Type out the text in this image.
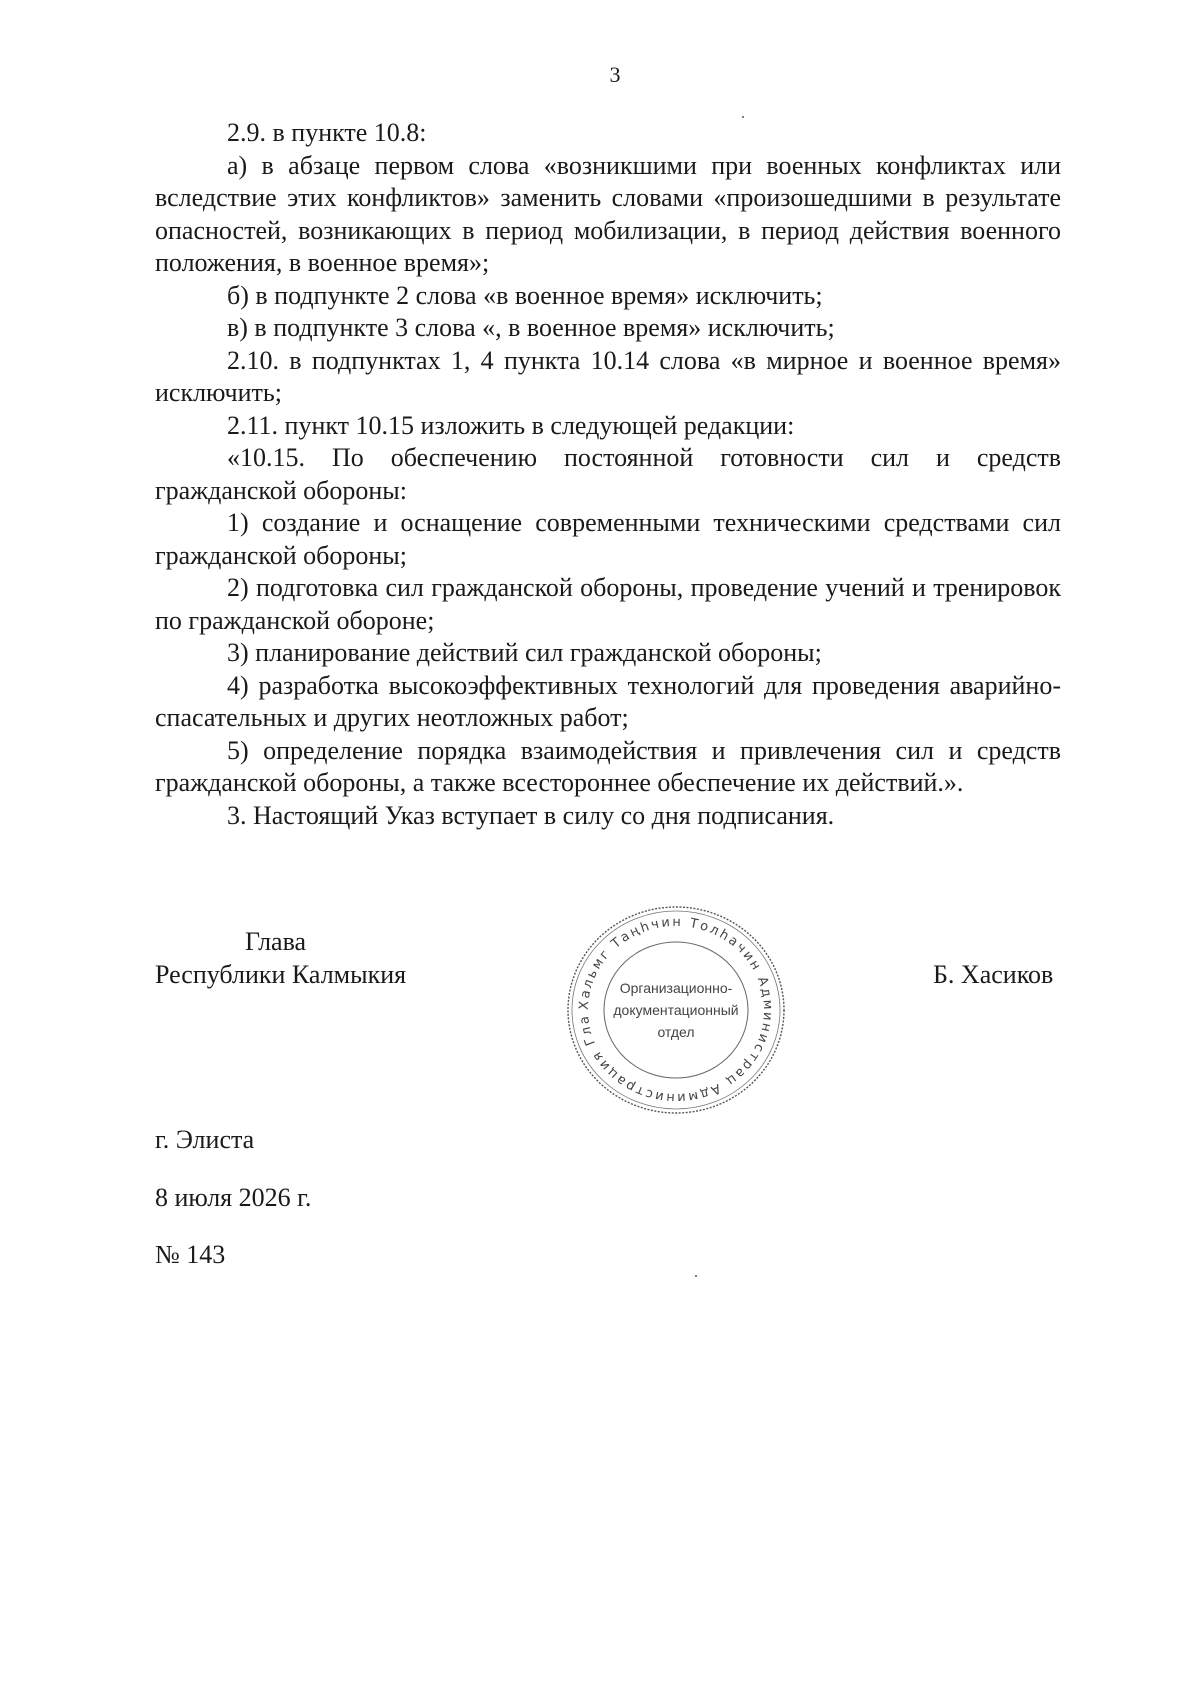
3

2.9. в пункте 10.8:

а) в абзаце первом слова «возникшими при военных конфликтах или вследствие этих конфликтов» заменить словами «произошедшими в результате опасностей, возникающих в период мобилизации, в период действия военного положения, в военное время»;

б) в подпункте 2 слова «в военное время» исключить;

в) в подпункте 3 слова «, в военное время» исключить;

2.10. в подпунктах 1, 4 пункта 10.14 слова «в мирное и военное время» исключить;

2.11. пункт 10.15 изложить в следующей редакции:

«10.15. По обеспечению постоянной готовности сил и средств гражданской обороны:

1) создание и оснащение современными техническими средствами сил гражданской обороны;

2) подготовка сил гражданской обороны, проведение учений и тренировок по гражданской обороне;

3) планирование действий сил гражданской обороны;

4) разработка высокоэффективных технологий для проведения аварийно-спасательных и других неотложных работ;

5) определение порядка взаимодействия и привлечения сил и средств гражданской обороны, а также всестороннее обеспечение их действий.».

3. Настоящий Указ вступает в силу со дня подписания.

Глава
Республики Калмыкия
Хальмг Таңһчин Толһачин Администрац Администрация Гла
Организационно-
документационный
отдел
Б. Хасиков
г. Элиста
8 июля 2026 г.
№ 143
